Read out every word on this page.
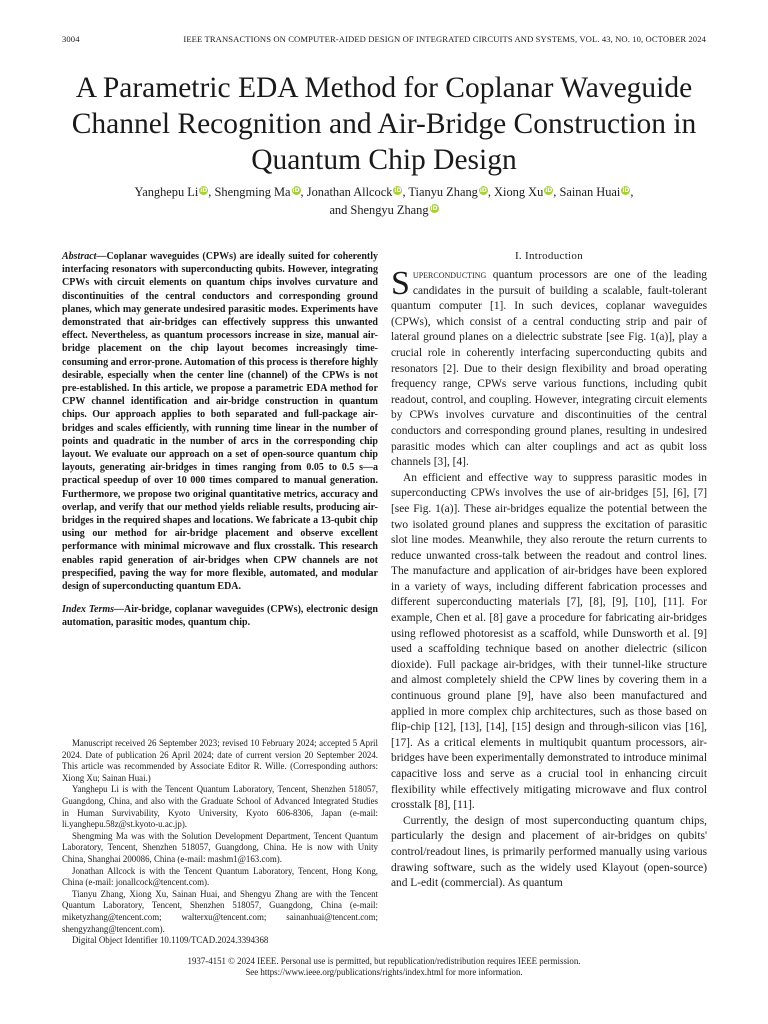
3004	IEEE TRANSACTIONS ON COMPUTER-AIDED DESIGN OF INTEGRATED CIRCUITS AND SYSTEMS, VOL. 43, NO. 10, OCTOBER 2024
A Parametric EDA Method for Coplanar Waveguide Channel Recognition and Air-Bridge Construction in Quantum Chip Design
Yanghepu Li iD, Shengming Ma iD, Jonathan Allcock iD, Tianyu Zhang iD, Xiong Xu iD, Sainan Huai iD,
and Shengyu Zhang iD
Abstract—Coplanar waveguides (CPWs) are ideally suited for coherently interfacing resonators with superconducting qubits. However, integrating CPWs with circuit elements on quantum chips involves curvature and discontinuities of the central conductors and corresponding ground planes, which may generate undesired parasitic modes. Experiments have demonstrated that air-bridges can effectively suppress this unwanted effect. Nevertheless, as quantum processors increase in size, manual air-bridge placement on the chip layout becomes increasingly time-consuming and error-prone. Automation of this process is therefore highly desirable, especially when the center line (channel) of the CPWs is not pre-established. In this article, we propose a parametric EDA method for CPW channel identification and air-bridge construction in quantum chips. Our approach applies to both separated and full-package air-bridges and scales efficiently, with running time linear in the number of points and quadratic in the number of arcs in the corresponding chip layout. We evaluate our approach on a set of open-source quantum chip layouts, generating air-bridges in times ranging from 0.05 to 0.5 s—a practical speedup of over 10 000 times compared to manual generation. Furthermore, we propose two original quantitative metrics, accuracy and overlap, and verify that our method yields reliable results, producing air-bridges in the required shapes and locations. We fabricate a 13-qubit chip using our method for air-bridge placement and observe excellent performance with minimal microwave and flux crosstalk. This research enables rapid generation of air-bridges when CPW channels are not prespecified, paving the way for more flexible, automated, and modular design of superconducting quantum EDA.
Index Terms—Air-bridge, coplanar waveguides (CPWs), electronic design automation, parasitic modes, quantum chip.

Manuscript received 26 September 2023; revised 10 February 2024; accepted 5 April 2024. Date of publication 26 April 2024; date of current version 20 September 2024. This article was recommended by Associate Editor R. Wille. (Corresponding authors: Xiong Xu; Sainan Huai.)

Yanghepu Li is with the Tencent Quantum Laboratory, Tencent, Shenzhen 518057, Guangdong, China, and also with the Graduate School of Advanced Integrated Studies in Human Survivability, Kyoto University, Kyoto 606-8306, Japan (e-mail: li.yanghepu.58z@st.kyoto-u.ac.jp).

Shengming Ma was with the Solution Development Department, Tencent Quantum Laboratory, Tencent, Shenzhen 518057, Guangdong, China. He is now with Unity China, Shanghai 200086, China (e-mail: mashm1@163.com).

Jonathan Allcock is with the Tencent Quantum Laboratory, Tencent, Hong Kong, China (e-mail: jonallcock@tencent.com).

Tianyu Zhang, Xiong Xu, Sainan Huai, and Shengyu Zhang are with the Tencent Quantum Laboratory, Tencent, Shenzhen 518057, Guangdong, China (e-mail: miketyzhang@tencent.com; walterxu@tencent.com; sainanhuai@tencent.com; shengyzhang@tencent.com).

Digital Object Identifier 10.1109/TCAD.2024.3394368

I. Introduction

Superconducting quantum processors are one of the leading candidates in the pursuit of building a scalable, fault-tolerant quantum computer [1]. In such devices, coplanar waveguides (CPWs), which consist of a central conducting strip and pair of lateral ground planes on a dielectric substrate [see Fig. 1(a)], play a crucial role in coherently interfacing superconducting qubits and resonators [2]. Due to their design flexibility and broad operating frequency range, CPWs serve various functions, including qubit readout, control, and coupling. However, integrating circuit elements by CPWs involves curvature and discontinuities of the central conductors and corresponding ground planes, resulting in undesired parasitic modes which can alter couplings and act as qubit loss channels [3], [4].

An efficient and effective way to suppress parasitic modes in superconducting CPWs involves the use of air-bridges [5], [6], [7] [see Fig. 1(a)]. These air-bridges equalize the potential between the two isolated ground planes and suppress the excitation of parasitic slot line modes. Meanwhile, they also reroute the return currents to reduce unwanted cross-talk between the readout and control lines. The manufacture and application of air-bridges have been explored in a variety of ways, including different fabrication processes and different superconducting materials [7], [8], [9], [10], [11]. For example, Chen et al. [8] gave a procedure for fabricating air-bridges using reflowed photoresist as a scaffold, while Dunsworth et al. [9] used a scaffolding technique based on another dielectric (silicon dioxide). Full package air-bridges, with their tunnel-like structure and almost completely shield the CPW lines by covering them in a continuous ground plane [9], have also been manufactured and applied in more complex chip architectures, such as those based on flip-chip [12], [13], [14], [15] design and through-silicon vias [16], [17]. As a critical elements in multiqubit quantum processors, air-bridges have been experimentally demonstrated to introduce minimal capacitive loss and serve as a crucial tool in enhancing circuit flexibility while effectively mitigating microwave and flux control crosstalk [8], [11].

Currently, the design of most superconducting quantum chips, particularly the design and placement of air-bridges on qubits' control/readout lines, is primarily performed manually using various drawing software, such as the widely used Klayout (open-source) and L-edit (commercial). As quantum

1937-4151 © 2024 IEEE. Personal use is permitted, but republication/redistribution requires IEEE permission.
See https://www.ieee.org/publications/rights/index.html for more information.
